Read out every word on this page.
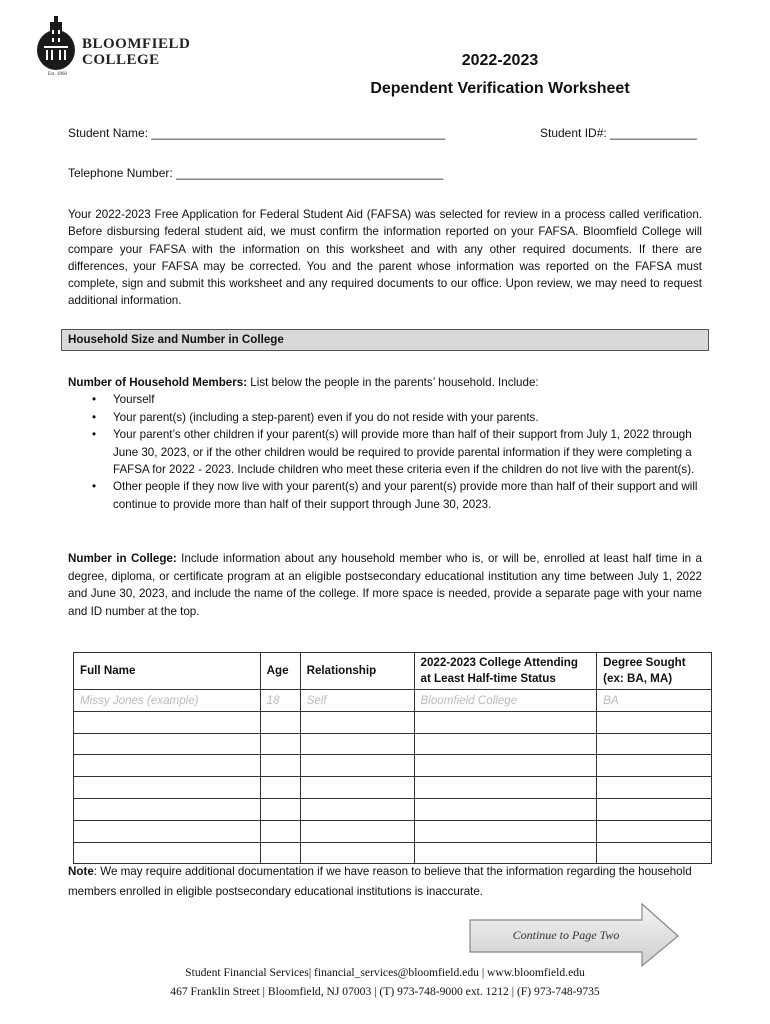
BLOOMFIELD
COLLEGE
Est. 1868
2022-2023
Dependent Verification Worksheet
Student Name: ____________________________________________	Student ID#: _____________
Telephone Number: ________________________________________
Your 2022-2023 Free Application for Federal Student Aid (FAFSA) was selected for review in a process called verification. Before disbursing federal student aid, we must confirm the information reported on your FAFSA. Bloomfield College will compare your FAFSA with the information on this worksheet and with any other required documents. If there are differences, your FAFSA may be corrected. You and the parent whose information was reported on the FAFSA must complete, sign and submit this worksheet and any required documents to our office. Upon review, we may need to request additional information.
Household Size and Number in College
Number of Household Members: List below the people in the parents’ household. Include:
• Yourself
• Your parent(s) (including a step-parent) even if you do not reside with your parents.
• Your parent’s other children if your parent(s) will provide more than half of their support from July 1, 2022 through June 30, 2023, or if the other children would be required to provide parental information if they were completing a FAFSA for 2022 - 2023. Include children who meet these criteria even if the children do not live with the parent(s).
• Other people if they now live with your parent(s) and your parent(s) provide more than half of their support and will continue to provide more than half of their support through June 30, 2023.
Number in College: Include information about any household member who is, or will be, enrolled at least half time in a degree, diploma, or certificate program at an eligible postsecondary educational institution any time between July 1, 2022 and June 30, 2023, and include the name of the college. If more space is needed, provide a separate page with your name and ID number at the top.
Full Name	Age	Relationship	2022-2023 College Attending at Least Half-time Status	Degree Sought (ex: BA, MA)
Missy Jones (example)	18	Self	Bloomfield College	BA

Note: We may require additional documentation if we have reason to believe that the information regarding the household members enrolled in eligible postsecondary educational institutions is inaccurate.
Continue to Page Two
Student Financial Services| financial_services@bloomfield.edu | www.bloomfield.edu
467 Franklin Street | Bloomfield, NJ 07003 | (T) 973-748-9000 ext. 1212 | (F) 973-748-9735
